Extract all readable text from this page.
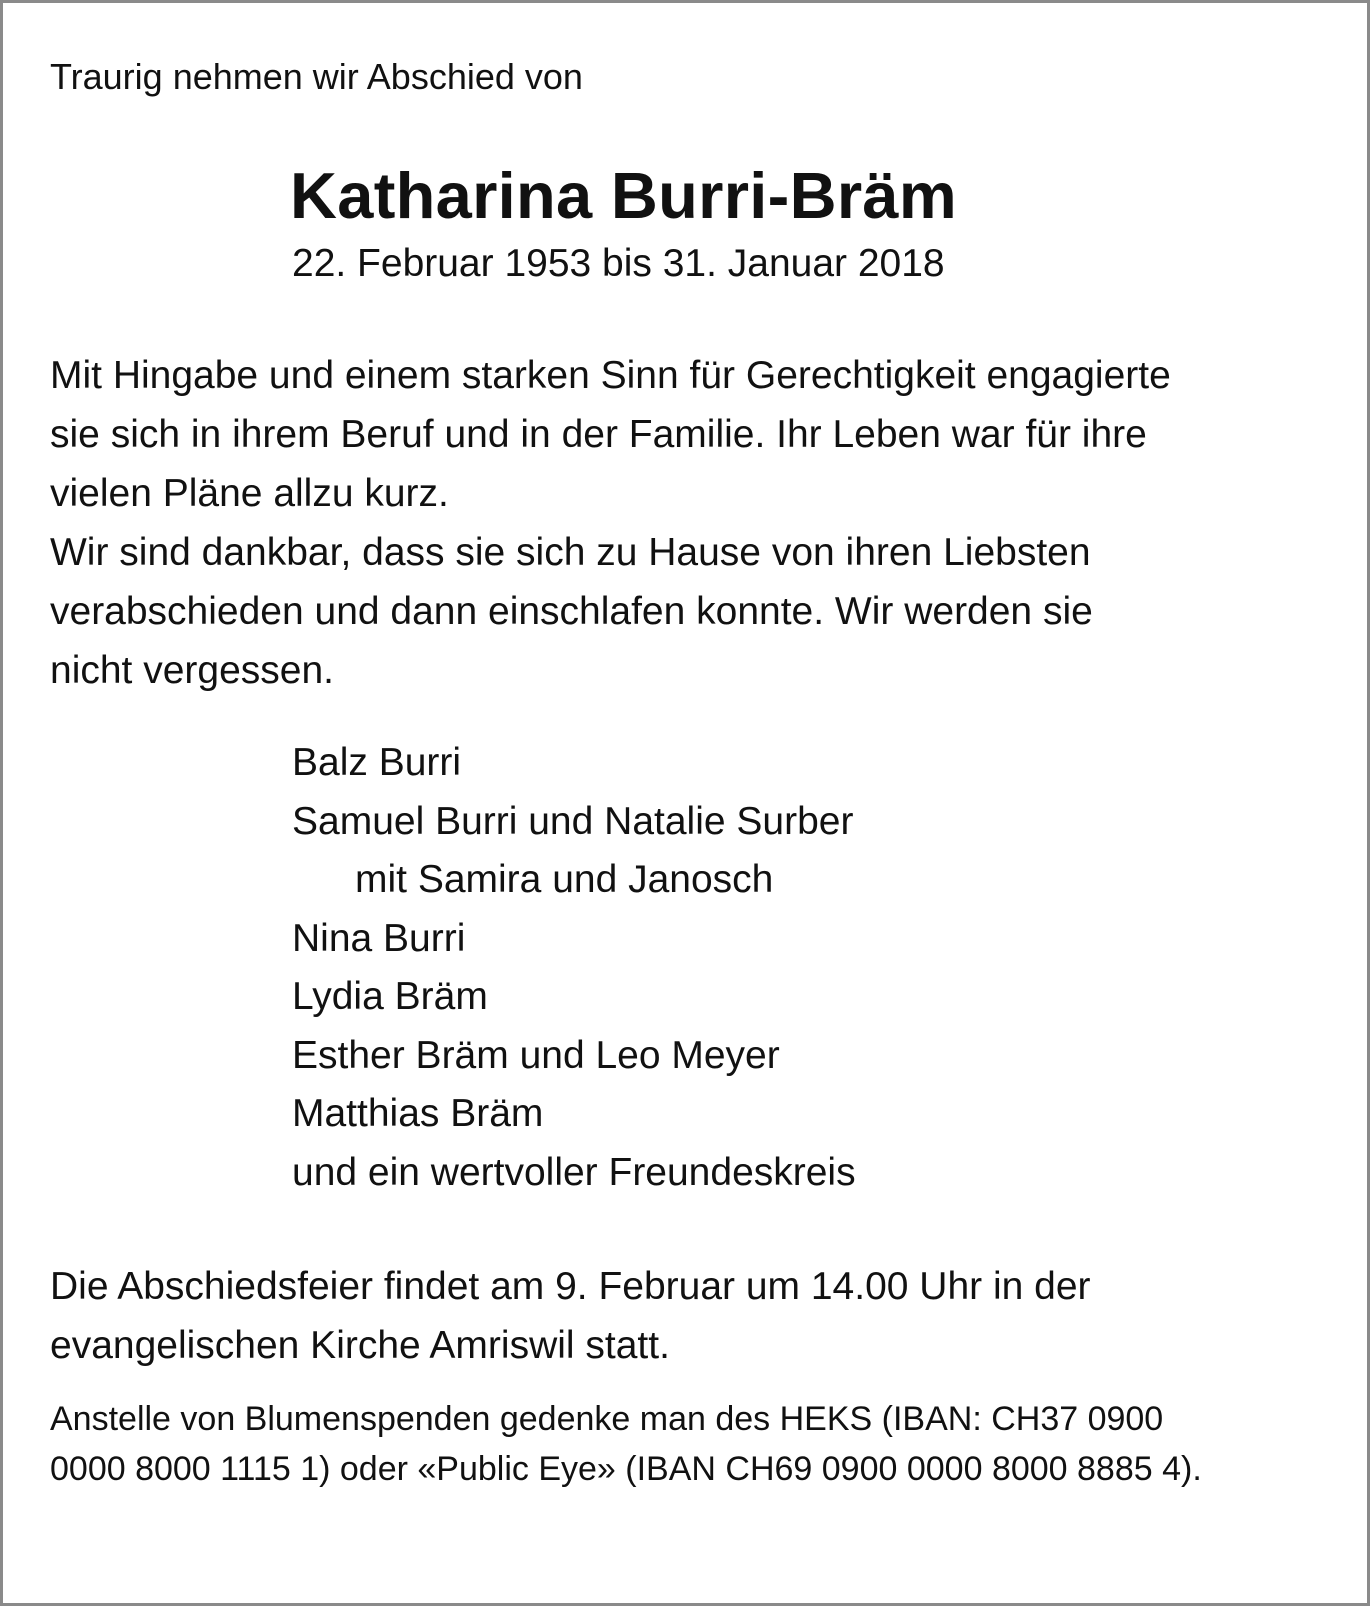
Traurig nehmen wir Abschied von

Katharina Burri-Bräm

22. Februar 1953 bis 31. Januar 2018

Mit Hingabe und einem starken Sinn für Gerechtigkeit engagierte

sie sich in ihrem Beruf und in der Familie. Ihr Leben war für ihre

vielen Pläne allzu kurz.

Wir sind dankbar, dass sie sich zu Hause von ihren Liebsten

verabschieden und dann einschlafen konnte. Wir werden sie

nicht vergessen.

Balz Burri
Samuel Burri und Natalie Surber
mit Samira und Janosch
Nina Burri
Lydia Bräm
Esther Bräm und Leo Meyer
Matthias Bräm
und ein wertvoller Freundeskreis
Die Abschiedsfeier findet am 9. Februar um 14.00 Uhr in der
evangelischen Kirche Amriswil statt.
Anstelle von Blumenspenden gedenke man des HEKS (IBAN: CH37 0900
0000 8000 1115 1) oder «Public Eye» (IBAN CH69 0900 0000 8000 8885 4).
